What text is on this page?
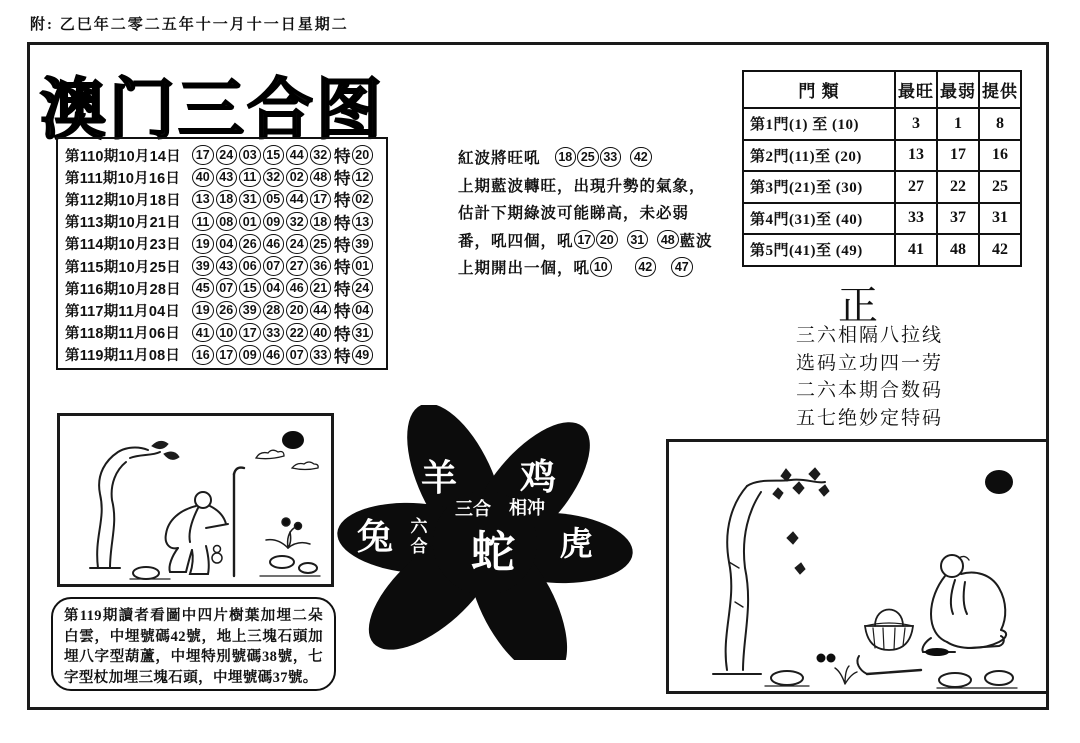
附: 乙巳年二零二五年十一月十一日星期二
澳门三合图
第110期10月14日	17 24 03 15 44 32 特 20
第111期10月16日	40 43 11 32 02 48 特 12
第112期10月18日	13 18 31 05 44 17 特 02
第113期10月21日	11 08 01 09 32 18 特 13
第114期10月23日	19 04 26 46 24 25 特 39
第115期10月25日	39 43 06 07 27 36 特 01
第116期10月28日	45 07 15 04 46 21 特 24
第117期11月04日	19 26 39 28 20 44 特 04
第118期11月06日	41 10 17 33 22 40 特 31
第119期11月08日	16 17 09 46 07 33 特 49
紅波將旺吼	18 25 33	42
上期藍波轉旺，出現升勢的氣象，
估計下期綠波可能睇高，未必弱
番，吼四個，吼 17 20	31	48 藍波
上期開出一個，吼 10	42	47
門 類	最旺	最弱	提供
第1門(1) 至 (10)	3	1	8
第2門(11)至 (20)	13	17	16
第3門(21)至 (30)	27	22	25
第4門(31)至 (40)	33	37	31
第5門(41)至 (49)	41	48	42
正
三六相隔八拉线
选码立功四一劳
二六本期合数码
五七绝妙定特码
第119期讀者看圖中四片樹葉加埋二朵白雲，中埋號碼42號，地上三塊石頭加埋八字型葫蘆，中埋特別號碼38號，七字型杖加埋三塊石頭，中埋號碼37號。
羊 鸡
三合 相冲
兔 六
合 蛇 虎
